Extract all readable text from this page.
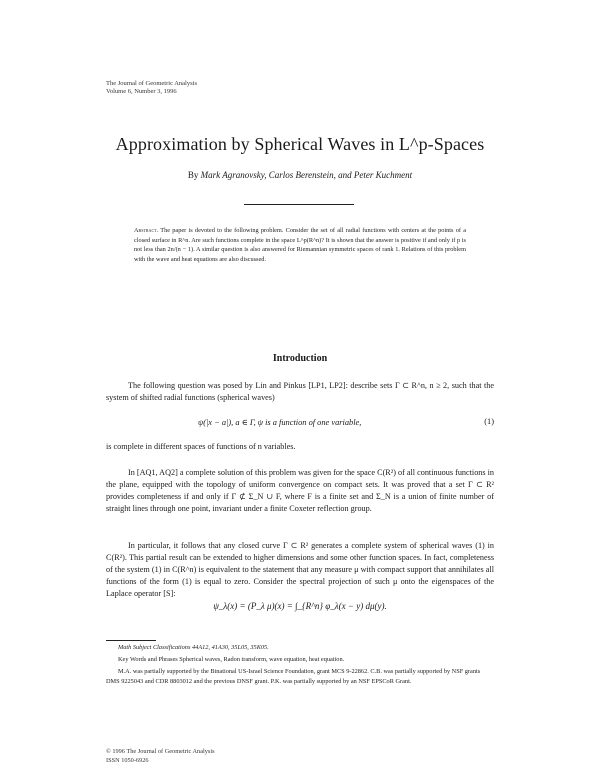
The Journal of Geometric Analysis
Volume 6, Number 3, 1996
Approximation by Spherical Waves in L^p-Spaces
By Mark Agranovsky, Carlos Berenstein, and Peter Kuchment
Abstract. The paper is devoted to the following problem. Consider the set of all radial functions with centers at the points of a closed surface in R^n. Are such functions complete in the space L^p(R^n)? It is shown that the answer is positive if and only if p is not less than 2n/(n − 1). A similar question is also answered for Riemannian symmetric spaces of rank 1. Relations of this problem with the wave and heat equations are also discussed.
Introduction
The following question was posed by Lin and Pinkus [LP1, LP2]: describe sets Γ ⊂ R^n, n ≥ 2, such that the system of shifted radial functions (spherical waves)
ψ(|x − a|), a ∈ Γ, ψ is a function of one variable,	(1)
is complete in different spaces of functions of n variables.
In [AQ1, AQ2] a complete solution of this problem was given for the space C(R²) of all continuous functions in the plane, equipped with the topology of uniform convergence on compact sets. It was proved that a set Γ ⊂ R² provides completeness if and only if Γ ⊄ Σ_N ∪ F, where F is a finite set and Σ_N is a union of finite number of straight lines through one point, invariant under a finite Coxeter reflection group.
In particular, it follows that any closed curve Γ ⊂ R² generates a complete system of spherical waves (1) in C(R²). This partial result can be extended to higher dimensions and some other function spaces. In fact, completeness of the system (1) in C(R^n) is equivalent to the statement that any measure μ with compact support that annihilates all functions of the form (1) is equal to zero. Consider the spectral projection of such μ onto the eigenspaces of the Laplace operator [S]:
ψ_λ(x) = (P_λ μ)(x) = ∫_{R^n} φ_λ(x − y) dμ(y).
Math Subject Classifications 44A12, 41A30, 35L05, 35K05.
Key Words and Phrases Spherical waves, Radon transform, wave equation, heat equation.
M.A. was partially supported by the Binational US-Israel Science Foundation, grant MCS 9-22862. C.B. was partially supported by NSF grants DMS 9225043 and CDR 8803012 and the previous DNSF grant. P.K. was partially supported by an NSF EPSCoR Grant.
© 1996 The Journal of Geometric Analysis
ISSN 1050-6926
